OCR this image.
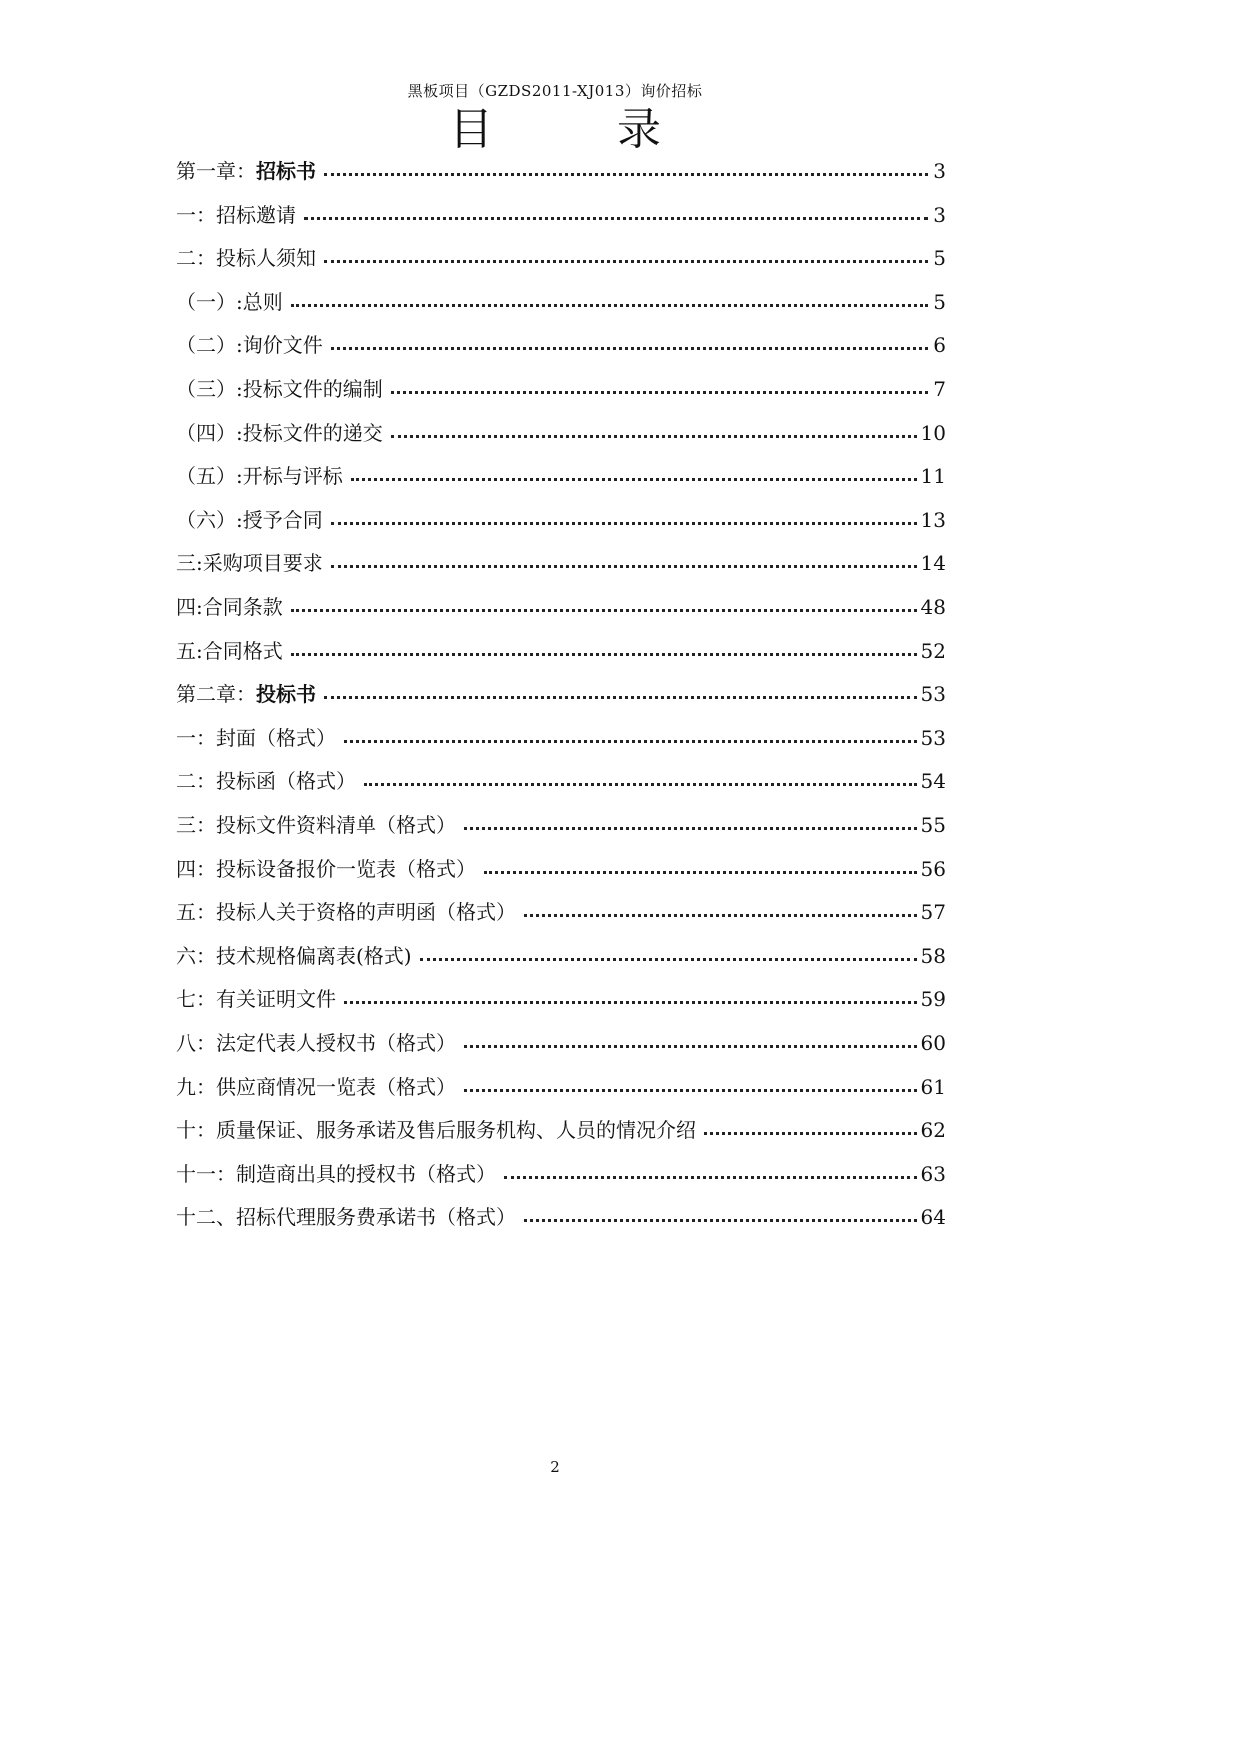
黑板项目（GZDS2011-XJ013）询价招标
目　录
第一章：招标书	3
一：招标邀请	3
二：投标人须知	5
（一）:总则	5
（二）:询价文件	6
（三）:投标文件的编制	7
（四）:投标文件的递交	10
（五）:开标与评标	11
（六）:授予合同	13
三:采购项目要求	14
四:合同条款	48
五:合同格式	52
第二章：投标书	53
一：封面（格式）	53
二：投标函（格式）	54
三：投标文件资料清单（格式）	55
四：投标设备报价一览表（格式）	56
五：投标人关于资格的声明函（格式）	57
六：技术规格偏离表(格式)	58
七：有关证明文件	59
八：法定代表人授权书（格式）	60
九：供应商情况一览表（格式）	61
十：质量保证、服务承诺及售后服务机构、人员的情况介绍	62
十一：制造商出具的授权书（格式）	63
十二、招标代理服务费承诺书（格式）	64
2
